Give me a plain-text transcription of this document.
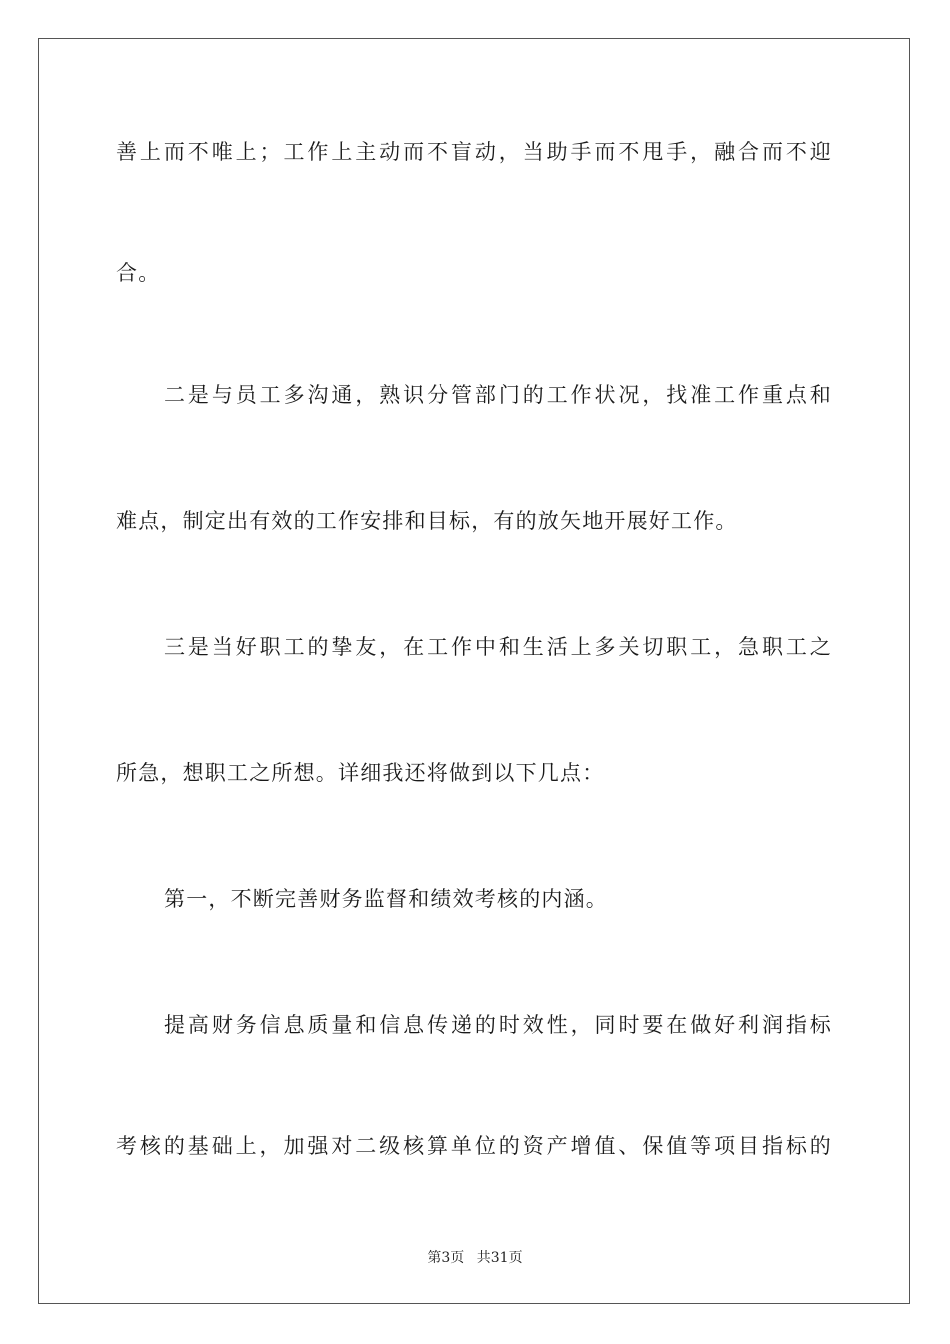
善上而不唯上；工作上主动而不盲动，当助手而不甩手，融合而不迎

合。

二是与员工多沟通，熟识分管部门的工作状况，找准工作重点和

难点，制定出有效的工作安排和目标，有的放矢地开展好工作。

三是当好职工的挚友，在工作中和生活上多关切职工，急职工之

所急，想职工之所想。详细我还将做到以下几点：

第一，不断完善财务监督和绩效考核的内涵。

提高财务信息质量和信息传递的时效性，同时要在做好利润指标

考核的基础上，加强对二级核算单位的资产增值、保值等项目指标的

第3页 共31页
